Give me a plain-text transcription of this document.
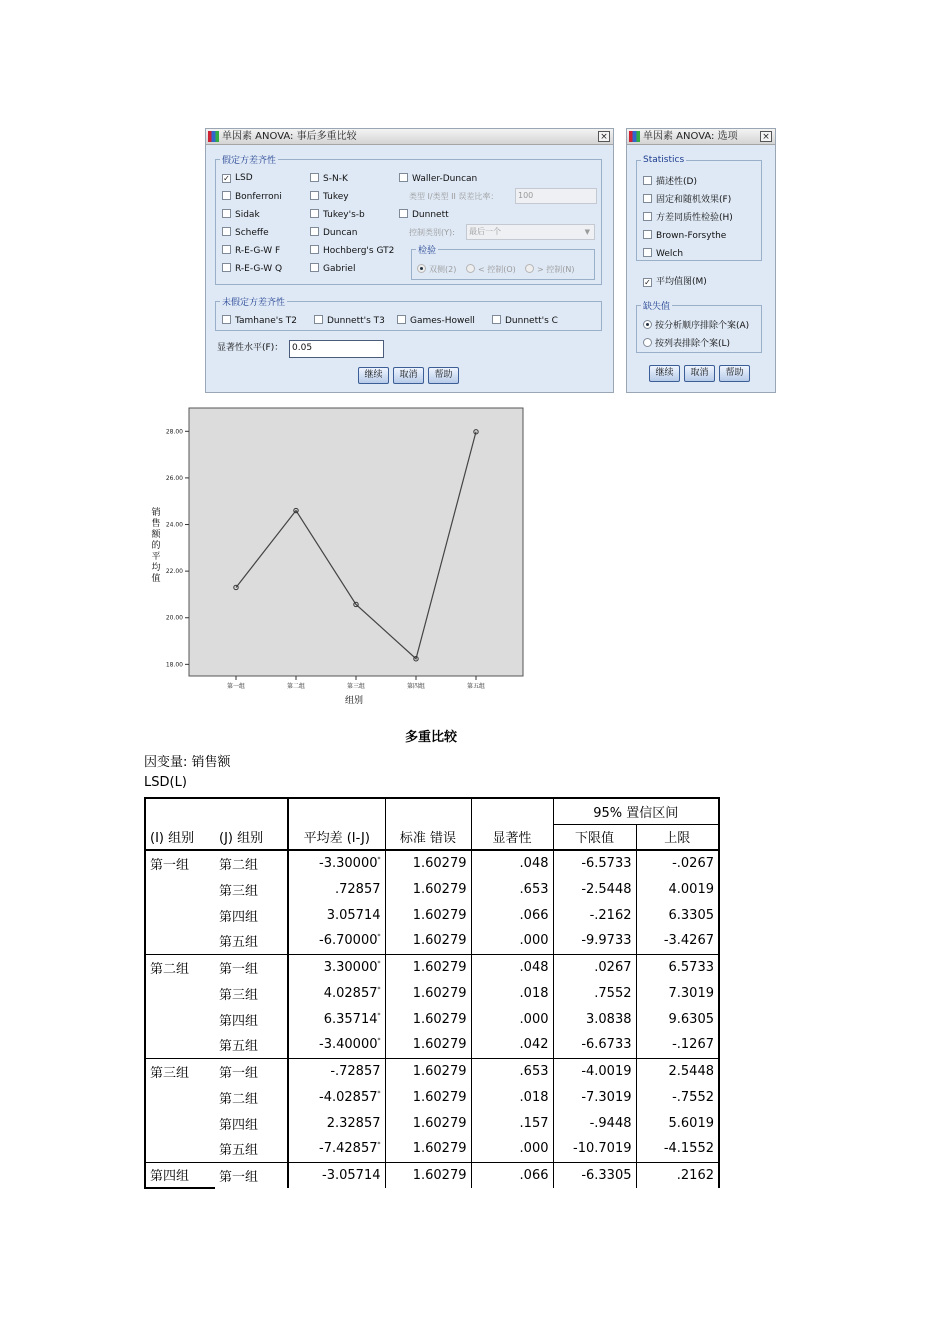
单因素 ANOVA: 事后多重比较	×
假定方差齐性
✓ LSD
Bonferroni
Sidak
Scheffe
R-E-G-W F
R-E-G-W Q
S-N-K
Tukey
Tukey's-b
Duncan
Hochberg's GT2
Gabriel
Waller-Duncan
类型 I/类型 II 误差比率：	100
Dunnett
控制类别(Y):	最后一个	▼
检验
双侧(2)	< 控制(O)	> 控制(N)
未假定方差齐性
Tamhane's T2	Dunnett's T3	Games-Howell	Dunnett's C
显著性水平(F)： 0.05
继续	取消	帮助
单因素 ANOVA: 选项	×
Statistics
描述性(D)
固定和随机效果(F)
方差同质性检验(H)
Brown-Forsythe
Welch
✓ 平均值图(M)
缺失值
按分析顺序排除个案(A)
按列表排除个案(L)
继续	取消	帮助
销售额的平均值
18.00
20.00
22.00
24.00
26.00
28.00
第一组	第二组	第三组	第四组	第五组
组别
多重比较
因变量: 销售额
LSD(L)
					95% 置信区间	
(I) 组别	(J) 组别	平均差 (I-J)	标准 错误	显著性	下限值	上限
第一组	第二组	-3.30000*	1.60279	.048	-6.5733	-.0267
	第三组	.72857	1.60279	.653	-2.5448	4.0019
	第四组	3.05714	1.60279	.066	-.2162	6.3305
	第五组	-6.70000*	1.60279	.000	-9.9733	-3.4267
第二组	第一组	3.30000*	1.60279	.048	.0267	6.5733
	第三组	4.02857*	1.60279	.018	.7552	7.3019
	第四组	6.35714*	1.60279	.000	3.0838	9.6305
	第五组	-3.40000*	1.60279	.042	-6.6733	-.1267
第三组	第一组	-.72857	1.60279	.653	-4.0019	2.5448
	第二组	-4.02857*	1.60279	.018	-7.3019	-.7552
	第四组	2.32857	1.60279	.157	-.9448	5.6019
	第五组	-7.42857*	1.60279	.000	-10.7019	-4.1552
第四组	第一组	-3.05714	1.60279	.066	-6.3305	.2162
